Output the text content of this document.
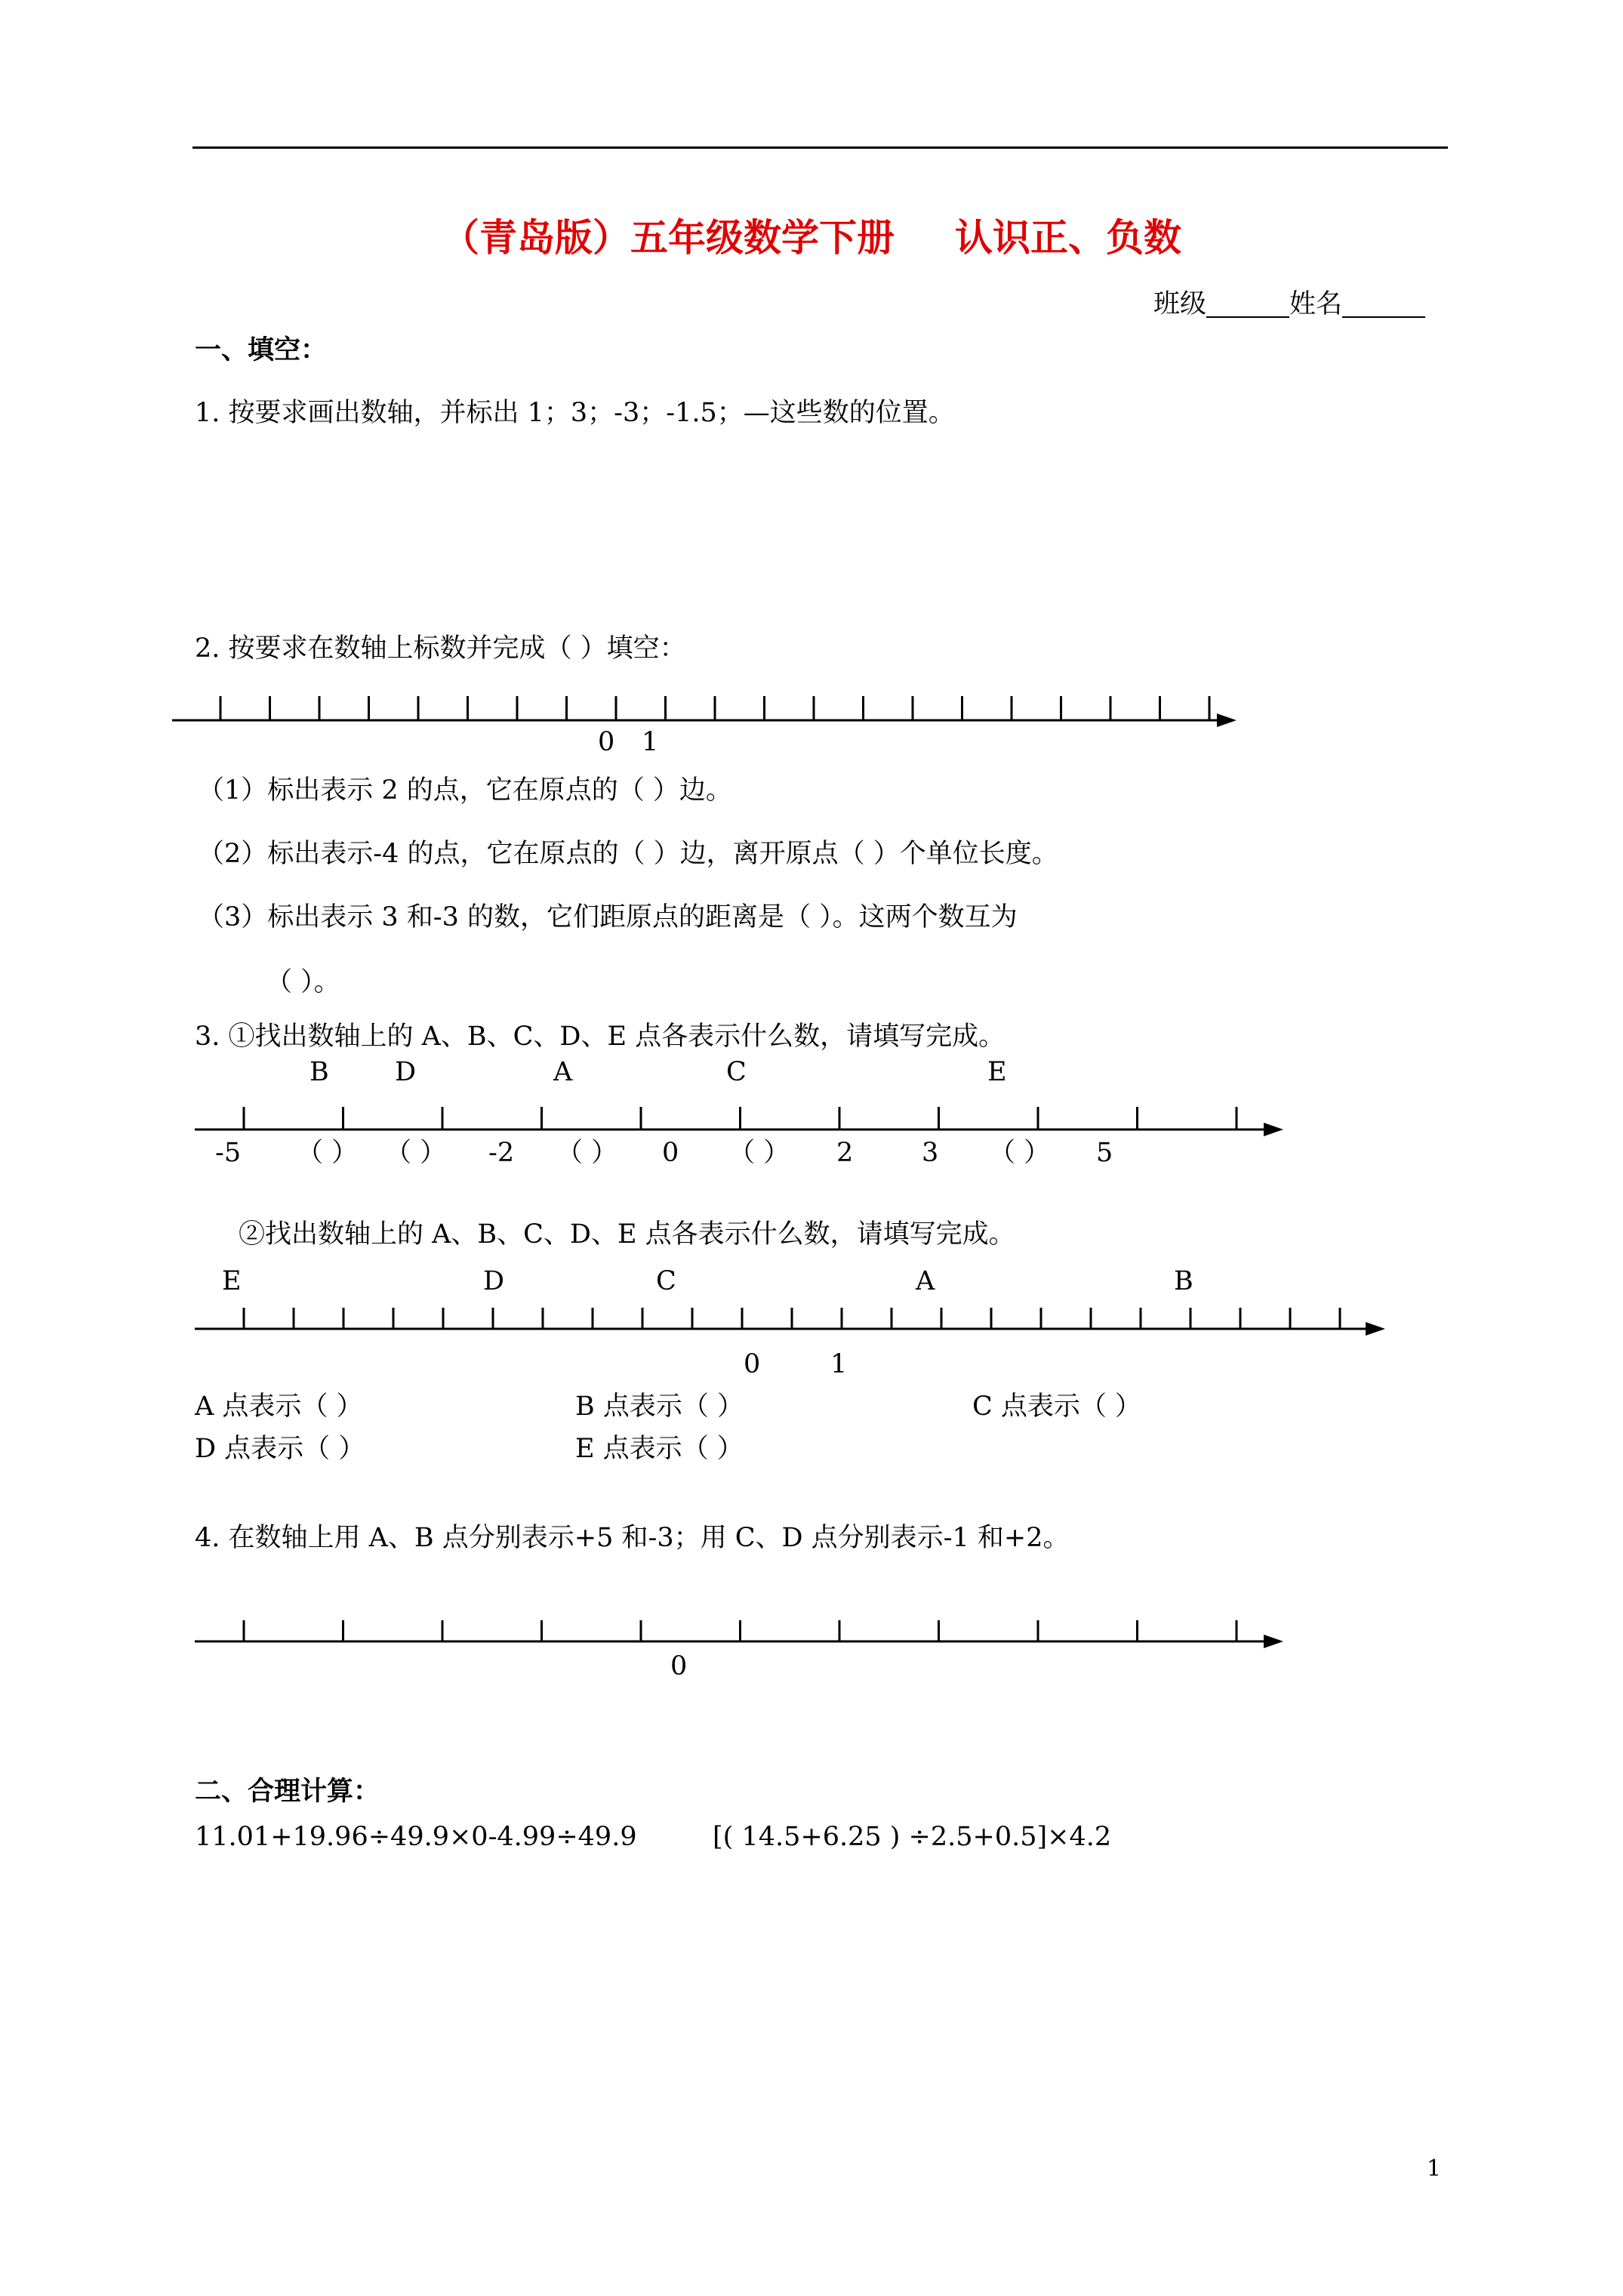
（青岛版）五年级数学下册 认识正、负数
班级	姓名
一、填空：
1. 按要求画出数轴，并标出 1；3；-3；-1.5；—这些数的位置。
2. 按要求在数轴上标数并完成（ ）填空：
0 1
（1）标出表示 2 的点，它在原点的（ ）边。
（2）标出表示-4 的点，它在原点的（ ）边，离开原点（ ）个单位长度。
（3）标出表示 3 和-3 的数，它们距原点的距离是（ ）。这两个数互为
（ ）。
3. ①找出数轴上的 A、B、C、D、E 点各表示什么数，请填写完成。
B D	A	C	E
-5 （ ） （ ） -2 （ ） 0 （ ） 2	3 （ ） 5
②找出数轴上的 A、B、C、D、E 点各表示什么数，请填写完成。
E	D	C	A	B
0	1
A 点表示（ ）	B 点表示（ ）	C 点表示（ ）
D 点表示（ ）	E 点表示（ ）
4. 在数轴上用 A、B 点分别表示+5 和-3；用 C、D 点分别表示-1 和+2。
0
二、合理计算：
11.01+19.96÷49.9×0-4.99÷49.9	[( 14.5+6.25 ) ÷2.5+0.5]×4.2
1
